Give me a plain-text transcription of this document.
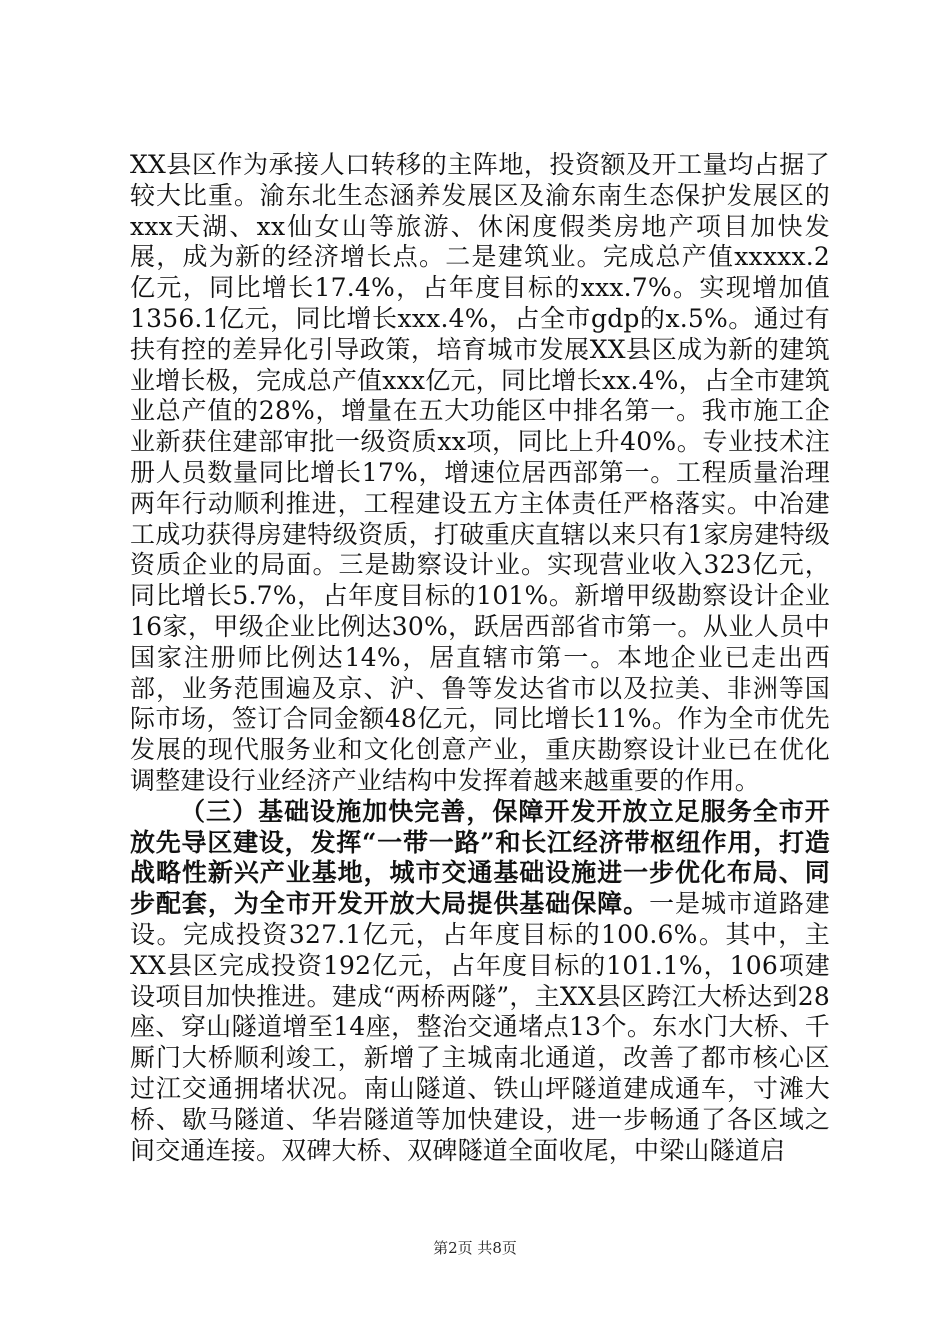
XX县区作为承接人口转移的主阵地，投资额及开工量均占据了较大比重。渝东北生态涵养发展区及渝东南生态保护发展区的xxx天湖、xx仙女山等旅游、休闲度假类房地产项目加快发展，成为新的经济增长点。二是建筑业。完成总产值xxxxx.2亿元，同比增长17.4%，占年度目标的xxx.7%。实现增加值1356.1亿元，同比增长xxx.4%，占全市gdp的x.5%。通过有扶有控的差异化引导政策，培育城市发展XX县区成为新的建筑业增长极，完成总产值xxx亿元，同比增长xx.4%，占全市建筑业总产值的28%，增量在五大功能区中排名第一。我市施工企业新获住建部审批一级资质xx项，同比上升40%。专业技术注册人员数量同比增长17%，增速位居西部第一。工程质量治理两年行动顺利推进，工程建设五方主体责任严格落实。中冶建工成功获得房建特级资质，打破重庆直辖以来只有1家房建特级资质企业的局面。三是勘察设计业。实现营业收入323亿元，同比增长5.7%，占年度目标的101%。新增甲级勘察设计企业16家，甲级企业比例达30%，跃居西部省市第一。从业人员中国家注册师比例达14%，居直辖市第一。本地企业已走出西部，业务范围遍及京、沪、鲁等发达省市以及拉美、非洲等国际市场，签订合同金额48亿元，同比增长11%。作为全市优先发展的现代服务业和文化创意产业，重庆勘察设计业已在优化调整建设行业经济产业结构中发挥着越来越重要的作用。

（三）基础设施加快完善，保障开发开放立足服务全市开放先导区建设，发挥“一带一路”和长江经济带枢纽作用，打造战略性新兴产业基地，城市交通基础设施进一步优化布局、同步配套，为全市开发开放大局提供基础保障。一是城市道路建设。完成投资327.1亿元，占年度目标的100.6%。其中，主XX县区完成投资192亿元，占年度目标的101.1%，106项建设项目加快推进。建成“两桥两隧”，主XX县区跨江大桥达到28座、穿山隧道增至14座，整治交通堵点13个。东水门大桥、千厮门大桥顺利竣工，新增了主城南北通道，改善了都市核心区过江交通拥堵状况。南山隧道、铁山坪隧道建成通车，寸滩大桥、歇马隧道、华岩隧道等加快建设，进一步畅通了各区域之间交通连接。双碑大桥、双碑隧道全面收尾，中梁山隧道启

第2页 共8页
